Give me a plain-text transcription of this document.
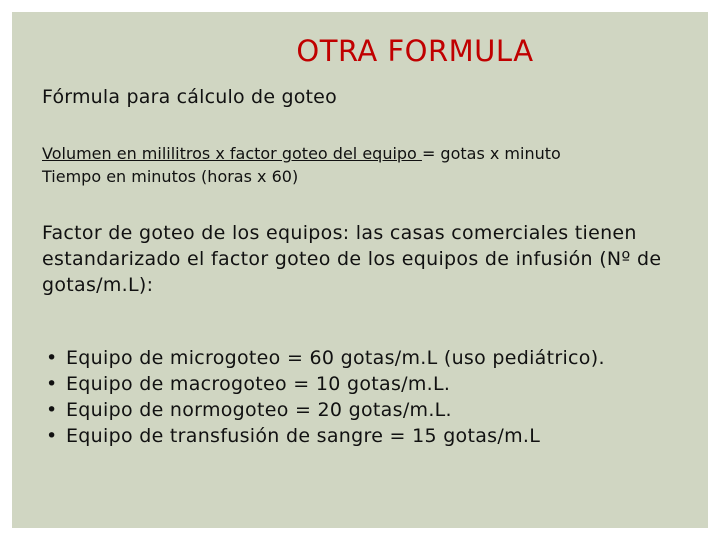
OTRA FORMULA
Fórmula para cálculo de goteo
Volumen en mililitros x factor goteo del equipo = gotas x minuto
Tiempo en minutos (horas x 60)
Factor de goteo de los equipos: las casas comerciales tienen estandarizado el factor goteo de los equipos de infusión (Nº de gotas/m.L):
• Equipo de microgoteo = 60 gotas/m.L (uso pediátrico).
• Equipo de macrogoteo = 10 gotas/m.L.
• Equipo de normogoteo = 20 gotas/m.L.
• Equipo de transfusión de sangre = 15 gotas/m.L
